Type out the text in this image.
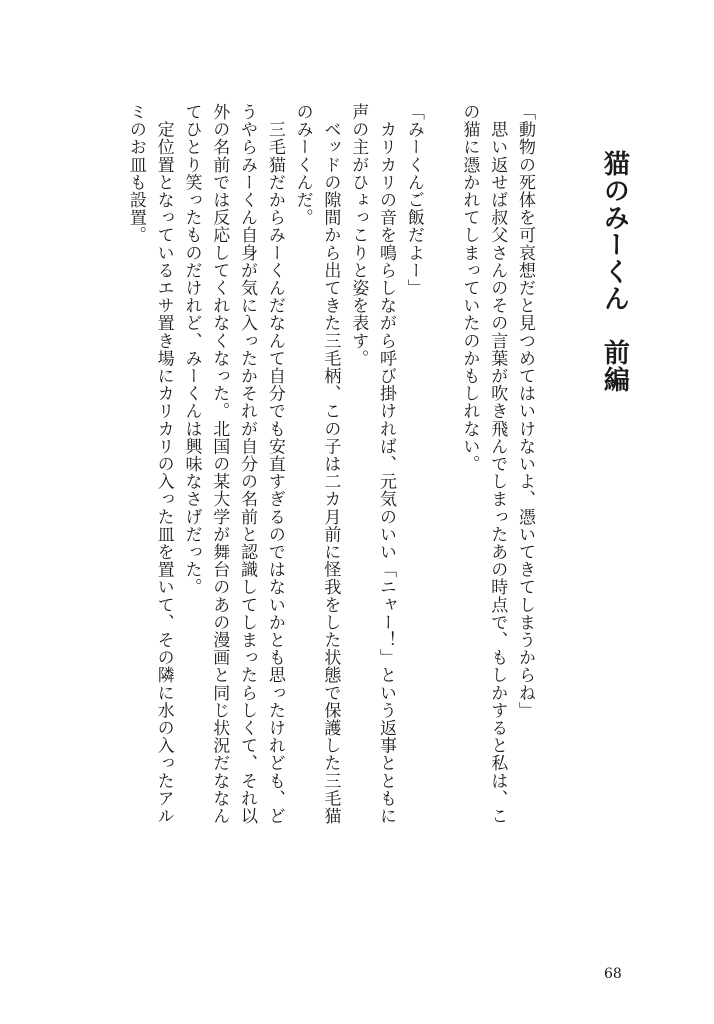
猫のみーくん　前編
「動物の死体を可哀想だと見つめてはいけないよ、憑いてきてしまうからね」
　思い返せば叔父さんのその言葉が吹き飛んでしまったあの時点で、もしかすると私は、こ
の猫に憑かれてしまっていたのかもしれない。
「みーくんご飯だよー」
　カリカリの音を鳴らしながら呼び掛ければ、元気のいい「ニャー！」という返事とともに
声の主がひょっこりと姿を表す。
　ベッドの隙間から出てきた三毛柄、この子は二カ月前に怪我をした状態で保護した三毛猫
のみーくんだ。
　三毛猫だからみーくんだなんて自分でも安直すぎるのではないかとも思ったけれども、ど
うやらみーくん自身が気に入ったかそれが自分の名前と認識してしまったらしくて、それ以
外の名前では反応してくれなくなった。北国の某大学が舞台のあの漫画と同じ状況だななん
てひとり笑ったものだけれど、みーくんは興味なさげだった。
　定位置となっているエサ置き場にカリカリの入った皿を置いて、その隣に水の入ったアル
ミのお皿も設置。
68
